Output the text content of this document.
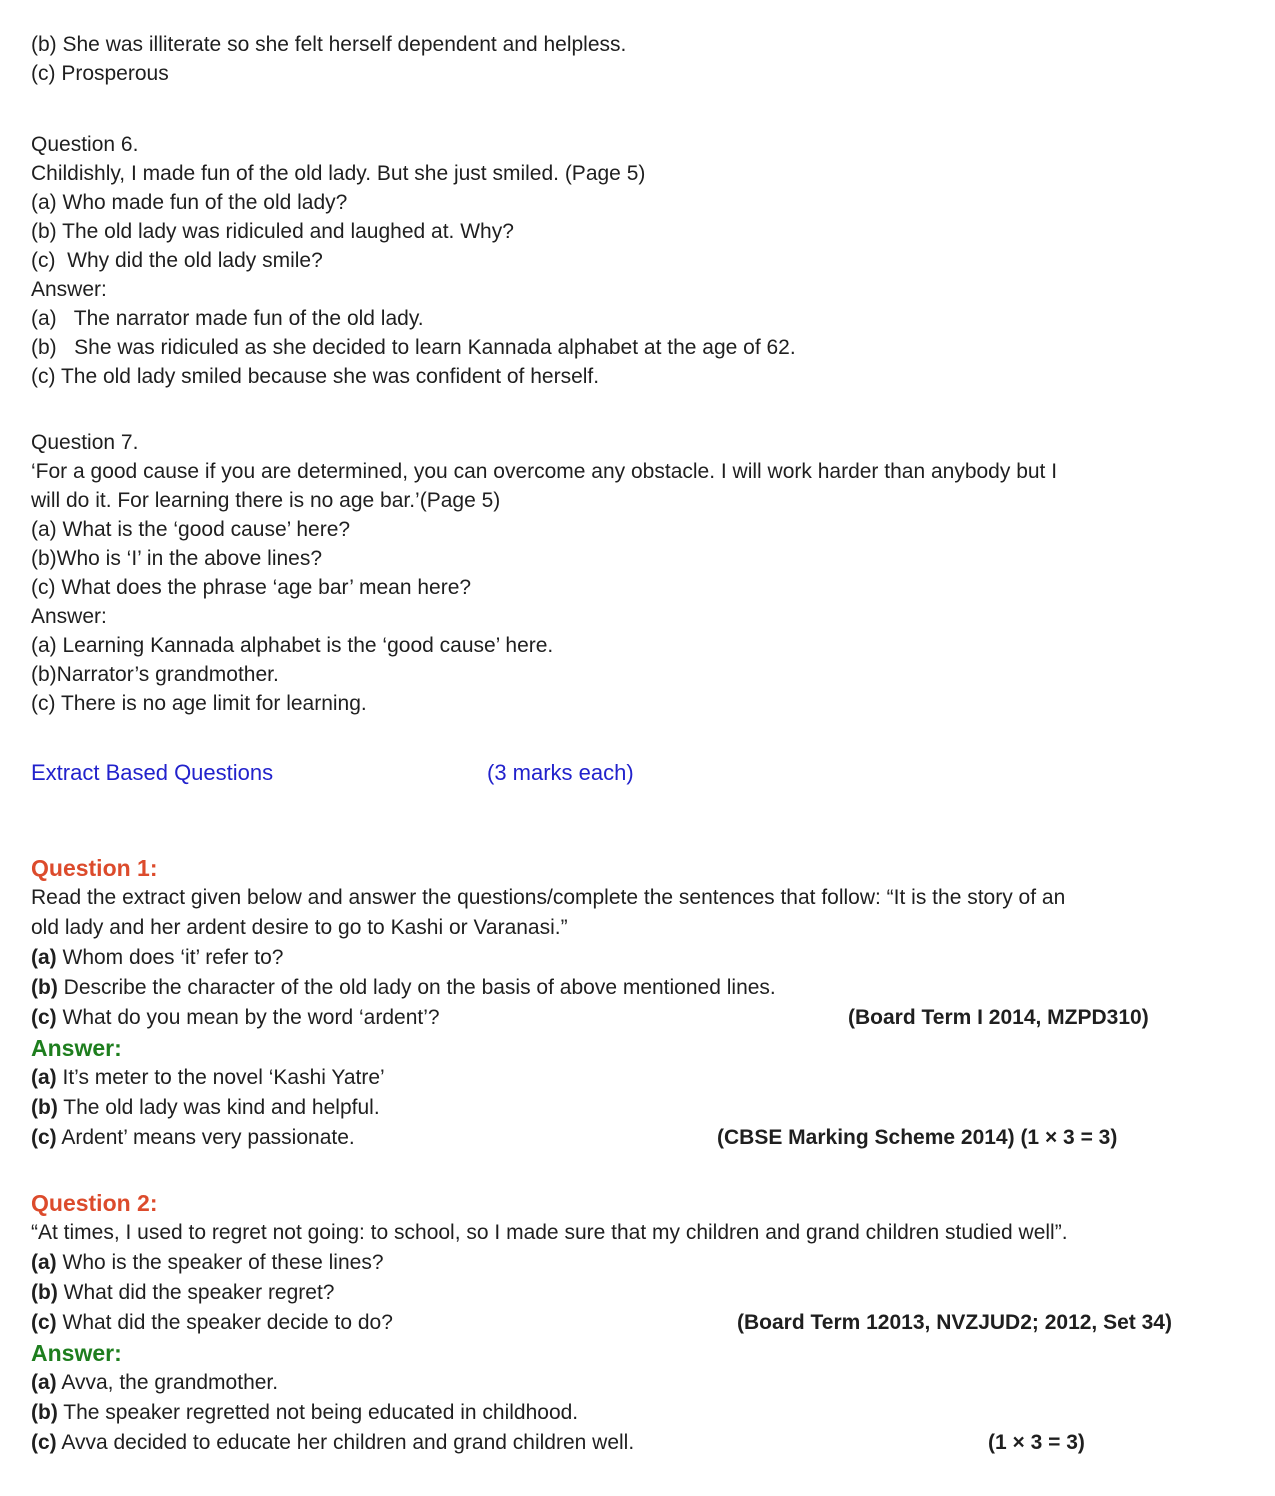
(b) She was illiterate so she felt herself dependent and helpless.
(c) Prosperous
Question 6.
Childishly, I made fun of the old lady. But she just smiled. (Page 5)
(a) Who made fun of the old lady?
(b) The old lady was ridiculed and laughed at. Why?
(c)  Why did the old lady smile?
Answer:
(a)   The narrator made fun of the old lady.
(b)   She was ridiculed as she decided to learn Kannada alphabet at the age of 62.
(c) The old lady smiled because she was confident of herself.
Question 7.
‘For a good cause if you are determined, you can overcome any obstacle. I will work harder than anybody but I
will do it. For learning there is no age bar.’(Page 5)
(a) What is the ‘good cause’ here?
(b)Who is ‘I’ in the above lines?
(c) What does the phrase ‘age bar’ mean here?
Answer:
(a) Learning Kannada alphabet is the ‘good cause’ here.
(b)Narrator’s grandmother.
(c) There is no age limit for learning.
Extract Based Questions	(3 marks each)
Question 1:
Read the extract given below and answer the questions/complete the sentences that follow: “It is the story of an
old lady and her ardent desire to go to Kashi or Varanasi.”
(a) Whom does ‘it’ refer to?
(b) Describe the character of the old lady on the basis of above mentioned lines.
(c) What do you mean by the word ‘ardent’?	(Board Term I 2014, MZPD310)
Answer:
(a) It’s meter to the novel ‘Kashi Yatre’
(b) The old lady was kind and helpful.
(c) Ardent’ means very passionate.	(CBSE Marking Scheme 2014) (1 × 3 = 3)
Question 2:
“At times, I used to regret not going: to school, so I made sure that my children and grand children studied well”.
(a) Who is the speaker of these lines?
(b) What did the speaker regret?
(c) What did the speaker decide to do?	(Board Term 12013, NVZJUD2; 2012, Set 34)
Answer:
(a) Avva, the grandmother.
(b) The speaker regretted not being educated in childhood.
(c) Avva decided to educate her children and grand children well.	(1 × 3 = 3)
